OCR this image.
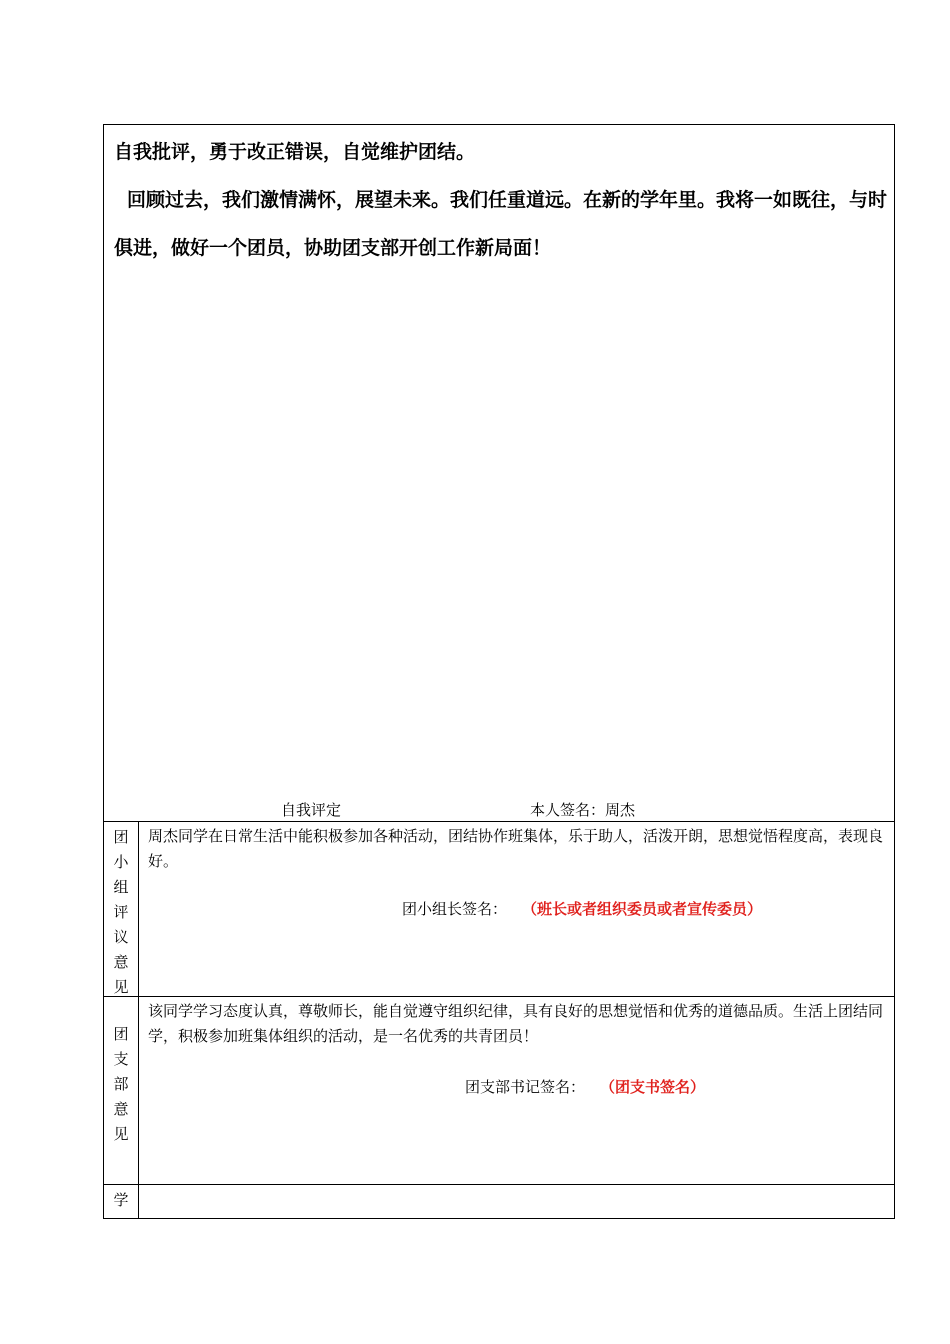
自我批评，勇于改正错误，自觉维护团结。
回顾过去，我们激情满怀，展望未来。我们任重道远。在新的学年里。我将一如既往，与时俱进，做好一个团员，协助团支部开创工作新局面！
自我评定	本人签名：周杰
团
小
组
评
议
意
见
周杰同学在日常生活中能积极参加各种活动，团结协作班集体，乐于助人，活泼开朗，思想觉悟程度高，表现良好。
团小组长签名： （班长或者组织委员或者宣传委员）
团
支
部
意
见
该同学学习态度认真，尊敬师长，能自觉遵守组织纪律，具有良好的思想觉悟和优秀的道德品质。生活上团结同学，积极参加班集体组织的活动，是一名优秀的共青团员！
团支部书记签名： （团支书签名）
学
